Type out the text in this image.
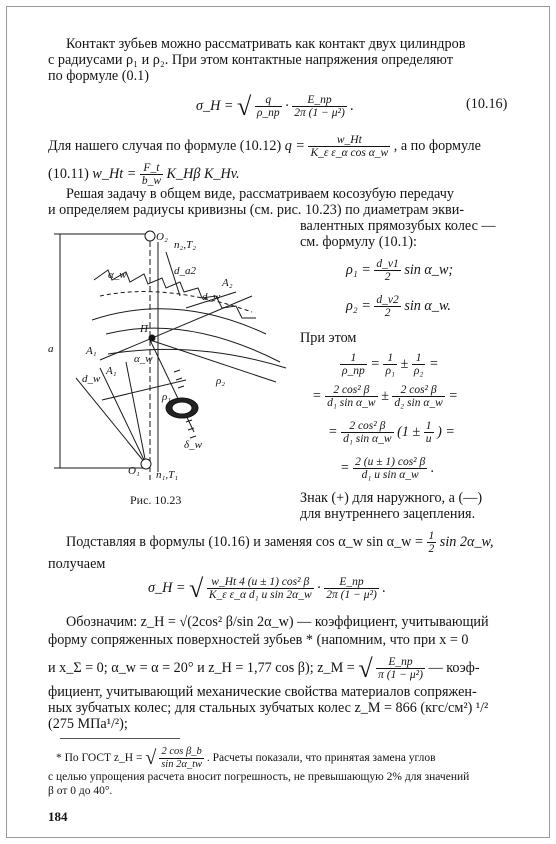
Контакт зубьев можно рассматривать как контакт двух цилиндров
с радиусами ρ₁ и ρ₂. При этом контактные напряжения определяют
по формуле (0.1)
σ_H = √	q
ρ_пр ·	E_пр
2π (1 − μ²) .	(10.16)
Для нашего случая по формуле (10.12) $q = \frac{w\_Ht}{\text{K\_ε ε\_α cos α\_w}}$ , а по формуле
(10.11) w_Ht = $\frac{F\_t}{b\_w}$ K_Hβ K_Hv.
Решая задачу в общем виде, рассматриваем косозубую передачу
и определяем радиусы кривизны (см. рис. 10.23) по диаметрам экви-
валентных прямозубых колес —
см. формулу (10.1):
$\rho_1 = \frac{d\_v1}{2}$ sin α_w;
$\rho_2 = \frac{d\_v2}{2}$ sin α_w.
При этом
1
ρ_пр = $\frac{1}{\text{ρ₁}} \pm \frac{1}{\text{ρ₂}}$ =
= $\frac{\text{2 cos² β}}{\text{d₁ sin α\_w}} \pm \frac{\text{2 cos² β}}{\text{d₂ sin α\_w}}$ =
= $\frac{\text{2 cos² β}}{\text{d₁ sin α\_w}} (1 \pm \frac{1}{u}$ ) =
= $\frac{\text{2 (u ± 1) cos² β}}{\text{d₁ u sin α\_w}}$ .
O₂
n₂,T₂
A₂
d_a2
d_w
П
a
α_w
A₁
ρ₁
ρ₂
O₁ n₁,T₁
δ_w
α_w
d_w
A₁
Рис. 10.23	Знак (+) для наружного, а (—)
для внутреннего зацепления.
Подставляя в формулы (10.16) и заменяя cos α_w sin α_w = $\frac{1}{2}$ sin 2α_w,
получаем
σ_H = √ $\frac{\text{w\_Ht 4 (u ± 1) cos² β}}{\text{K\_ε ε\_α d₁ u sin 2α\_w}}$ ·	E_пр
2π (1 − μ²) .
Обозначим: z_H = √(2cos² β/sin 2α_w) — коэффициент, учитывающий
форму сопряженных поверхностей зубьев * (напомним, что при x = 0
и x_Σ = 0; α_w = α = 20° и z_H = 1,77 cos β); z_M = √	E_пр
π (1 − μ²) — коэф-
фициент, учитывающий механические свойства материалов сопряжен-
ных зубчатых колес; для стальных зубчатых колес z_M = 866 (кгс/см²) ¹/²
(275 МПа¹/²);
* По ГОСТ z_H = √ $\frac{\text{2 cos β\_b}}{\sin 2\alpha\_tw}$ . Расчеты показали, что принятая замена углов
с целью упрощения расчета вносит погрешность, не превышающую 2% для значений
β от 0 до 40°.
184
